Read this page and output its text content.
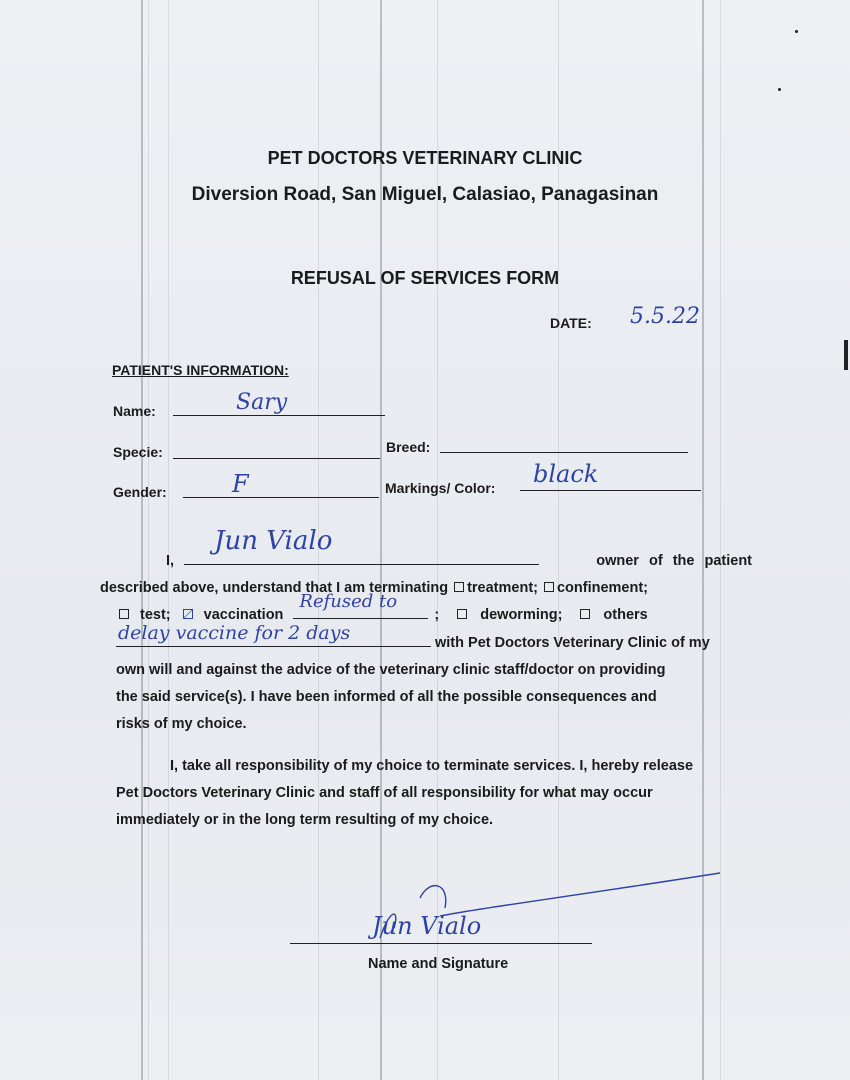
PET DOCTORS VETERINARY CLINIC
Diversion Road, San Miguel, Calasiao, Panagasinan
REFUSAL OF SERVICES FORM
DATE: 5.5.22
PATIENT'S INFORMATION:
Name:	Sary
Specie:	Breed:
Gender:	F	Markings/ Color: black
I,
Jun Vialo
owner of the patient
described above, understand that I am terminating treatment; confinement;
test; vaccination
Refused to
;	deworming;	others
delay vaccine for 2 days	with Pet Doctors Veterinary Clinic of my
own will and against the advice of the veterinary clinic staff/doctor on providing
the said service(s). I have been informed of all the possible consequences and
risks of my choice.
I, take all responsibility of my choice to terminate services. I, hereby release
Pet Doctors Veterinary Clinic and staff of all responsibility for what may occur
immediately or in the long term resulting of my choice.
Jun Vialo
Name and Signature
